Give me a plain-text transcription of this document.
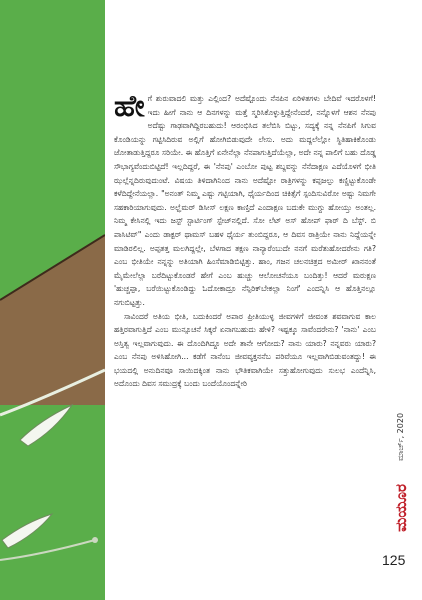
ಹೇ ಗೆ ಶುರುವಾದಲಿ ಮತ್ತು ಎಲ್ಲಿಂದ? ಅದೆಷ್ಟೊಂದು ನೆನಪಿನ ಏರಿಳಿತಗಳು ಬೇದಿವೆ ಇದರೊಳಗೆ! ಇದು ಹೀಗೆ ನಾನು ಆ ದಿನಗಳನ್ನು ಮತ್ತೆ ಸ್ಮರಿಸಿಕೊಳ್ಳುತ್ತಿದ್ದೇನೆಂದರೆ, ನನ್ನೊಳಗೆ ಆಶನ ನೆನಪು ಅದೆಷ್ಟು ಗಾಢವಾಗಿದ್ದಿರಬಹುದು! ಆರಂಭಿಸಿದ ತಲೆಬಿಸಿ ಬಿಟ್ಟು, ಸದ್ಯಕ್ಕೆ ನನ್ನ ನೆನಪಿಗೆ ಸಿಗುವ ಕೊಂಡಿಯನ್ನು ಗಟ್ಟಿಸಿದಿರುವ ಅಲ್ಲಿಗೆ ಹೋಗಿಬಿಡುವುದೇ ಲೇಸು. ಅದು ಮದ್ದಲೆಲ್ಲೋ ಸ್ಥಿತಿಹಾಕಿಕೊಂಡು ಜೋತಾಡುತ್ತಿದ್ದರೂ ಸರಿಯೇ. ಈ ಹೊತ್ತಿಗೆ ಏನೇನೆಲ್ಲಾ ನೆನಪಾಗುತ್ತಿದೆಯೆಲ್ಲಾ, ಅದೇ ನನ್ನ ಪಾಲಿಗೆ ಬಹು ದೊಡ್ಡ ಸೌಭಾಗ್ಯವೆಂದುಬಿಟ್ಟಿದೆ! ಇಲ್ಲದಿದ್ದರೆ, ಈ 'ನೆನಪು' ಎಂಬೋ ಪುಟ್ಟ ಶಬ್ದವನ್ನು ನೆನೆದಾಕ್ಷಣ ಎದೆಯೊಳಗೆ ಭೀತಿ ಝಲ್ಲೆನ್ನದಿರುವುದುಂಟೆ. ವಿಷಯ ತಿಳಿದಾಗಿನಿಂದ ನಾನು ಅದೆಷ್ಟೋ ರಾತ್ರಿಗಳನ್ನು ಕಪ್ಪಜಲ್ಪು ಕಣ್ಣಿಟ್ಟುಕೊಂಡೇ ಕಳೆದಿದ್ದೇನೆಯಲ್ಲಾ. "ಅನಂತ್ ನಿಮ್ಮ ಎಷ್ಟು ಗಟ್ಟಿಯಾಗಿ, ಧೈರ್ಯದಿಂದ ಚಿಕಿತ್ಸೆಗೆ ಸ್ಪಂದಿಸುವಿರೋ ಅಷ್ಟು ನಿಮಗೇ ಸಹಕಾರಿಯಾಗುವುದು. ಅಲ್ಝೆಮರ್ ಡಿಸೀಸ್ ಲಕ್ಷಣ ಕಾಣ್ತಿದೆ ಎಂದಾಕ್ಷಣ ಬದುಕೇ ಮುಗ್ದು ಹೋಯ್ತು ಅಂತಲ್ಲ. ನಿಮ್ಮ ಕೇಸಿನಲ್ಲಿ ಇದು ಜಸ್ಟ್ ಸ್ಟಾರ್ಟಿಂಗ್ ಸ್ಟೇಜ್‌ನಲ್ಲಿದೆ. ಸೋ ಲೆಟ್ ಅಸ್ ಹೋಪ್ ಫಾರ್ ದಿ ಬೆಸ್ಟ್. ಬಿ ಪಾಸಿಟಿವ್" ಎಂದು ಡಾಕ್ಟರ್ ಥಾಮಸ್ ಬಹಳ ಧೈರ್ಯ ತುಂಬಿದ್ದರೂ, ಆ ದಿವಸ ರಾತ್ರಿಯೇ ನಾನು ನಿದ್ದೆಯನ್ನೇ ಮಾಡಿರಲಿಲ್ಲ. ಅಪ್ಪತತ್ತ ಮಲಗಿದ್ದಲ್ಲೇ, ಬೆಳಗಾದ ತಕ್ಷಣ ನಾನ್ಯಾರೆಂಬುದೇ ನನಗೆ ಮರೆತುಹೋದರೇನು ಗತಿ? ಎಂಬ ಭೀತಿಯೇ ನನ್ನನ್ನು ಅತಿಯಾಗಿ ಹಿಂಸೆಮಾಡಿಬಿಟ್ಟಿತ್ತು. ಹಾಂ, ಗಜನ ಚಲನಚಿತ್ರದ ಅಮೀರ್ ಖಾನನಂತೆ ಮೈಮೇಲೆಲ್ಲಾ ಬರೆದಿಟ್ಟುಕೊಂಡರೆ ಹೇಗೆ ಎಂಬ ಹುಚ್ಚು ಆಲೋಚನೆಯೂ ಬಂದಿತ್ತು! ಆದರೆ ಮರುಕ್ಷಣ 'ಹುಚ್ಚಪ್ಪಾ, ಬರೆಯಿಟ್ಟುಕೊಂಡಿದ್ದು ಓದೋಕಾದ್ರೂ ನೆನ್ಪಿರಿಕ್‌ಬೇಕಲ್ಲಾ ನಿಂಗೆ' ಎಂದನ್ನಿಸಿ ಆ ಹೊತ್ತಿನಲ್ಲೂ ನಗುಬಿಟ್ಟತ್ತು.

ಸಾವಿಂದರೆ ಅತಿಯ ಭೀತಿ, ಬದುಕಿಂದರೆ ಅಪಾರ ಪ್ರೀತಿಯುಳ್ಳ ಜೀವಗಳಿಗೆ ಜೀವಂತ ಶವವಾಗುವ ಕಾಲ ಹತ್ತಿರವಾಗುತ್ತಿದೆ ಎಂಬ ಮುನ್ಸೂಚನೆ ಸಿಕ್ಕರೆ ಏನಾಗಬಹುದು ಹೇಳಿ? ಇಷ್ಟಕ್ಕೂ ಸಾವೆಂದರೇನು? 'ನಾನು' ಎಂಬ ಅಸ್ತಿತ್ವ ಇಲ್ಲವಾಗುವುದು. ಈ ದೊಂದಿಗಿದ್ದೂ ಅದೇ ತಾನೇ ಆಗೋದು? ನಾನು ಯಾರು? ನನ್ನವರು ಯಾರು? ಎಂಬ ನೆನಪು ಅಳಿಸಿಹೋಗಿ... ಕಡೆಗೆ ನಾನೆಂಬ ಜೀವವ್ಯಕ್ತನನೆಬ ಪರಿವೆಯೂ ಇಲ್ಲವಾಗಿಬಿಡುವಂತದ್ದು! ಈ ಭಯದಲ್ಲಿ ಅನುದಿನವೂ ಸಾಯಿದಕ್ಕಿಂತ ನಾನು ಭೌತಿಕವಾಗಿಯೇ ಸತ್ತುಹೋಗುವುದು ಸುಲಭ ಎಂದೆನ್ನಿಸಿ, ಅದೊಂದು ದಿವಸ ಸಮುದ್ರಕ್ಕೆ ಬಂದು ಬಂದೆಯೊಂದನ್ನೇರಿ

ಮಾರ್ಚ್, 2020
ಮಯೂರ
125
